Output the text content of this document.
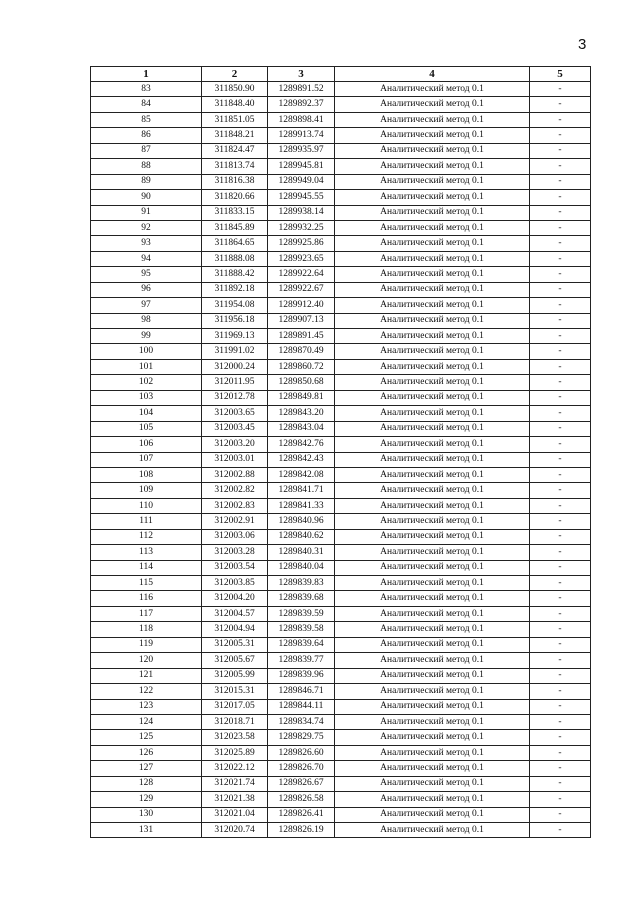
3
1	2	3	4	5
83	311850.90	1289891.52	Аналитический метод 0.1	-
84	311848.40	1289892.37	Аналитический метод 0.1	-
85	311851.05	1289898.41	Аналитический метод 0.1	-
86	311848.21	1289913.74	Аналитический метод 0.1	-
87	311824.47	1289935.97	Аналитический метод 0.1	-
88	311813.74	1289945.81	Аналитический метод 0.1	-
89	311816.38	1289949.04	Аналитический метод 0.1	-
90	311820.66	1289945.55	Аналитический метод 0.1	-
91	311833.15	1289938.14	Аналитический метод 0.1	-
92	311845.89	1289932.25	Аналитический метод 0.1	-
93	311864.65	1289925.86	Аналитический метод 0.1	-
94	311888.08	1289923.65	Аналитический метод 0.1	-
95	311888.42	1289922.64	Аналитический метод 0.1	-
96	311892.18	1289922.67	Аналитический метод 0.1	-
97	311954.08	1289912.40	Аналитический метод 0.1	-
98	311956.18	1289907.13	Аналитический метод 0.1	-
99	311969.13	1289891.45	Аналитический метод 0.1	-
100	311991.02	1289870.49	Аналитический метод 0.1	-
101	312000.24	1289860.72	Аналитический метод 0.1	-
102	312011.95	1289850.68	Аналитический метод 0.1	-
103	312012.78	1289849.81	Аналитический метод 0.1	-
104	312003.65	1289843.20	Аналитический метод 0.1	-
105	312003.45	1289843.04	Аналитический метод 0.1	-
106	312003.20	1289842.76	Аналитический метод 0.1	-
107	312003.01	1289842.43	Аналитический метод 0.1	-
108	312002.88	1289842.08	Аналитический метод 0.1	-
109	312002.82	1289841.71	Аналитический метод 0.1	-
110	312002.83	1289841.33	Аналитический метод 0.1	-
111	312002.91	1289840.96	Аналитический метод 0.1	-
112	312003.06	1289840.62	Аналитический метод 0.1	-
113	312003.28	1289840.31	Аналитический метод 0.1	-
114	312003.54	1289840.04	Аналитический метод 0.1	-
115	312003.85	1289839.83	Аналитический метод 0.1	-
116	312004.20	1289839.68	Аналитический метод 0.1	-
117	312004.57	1289839.59	Аналитический метод 0.1	-
118	312004.94	1289839.58	Аналитический метод 0.1	-
119	312005.31	1289839.64	Аналитический метод 0.1	-
120	312005.67	1289839.77	Аналитический метод 0.1	-
121	312005.99	1289839.96	Аналитический метод 0.1	-
122	312015.31	1289846.71	Аналитический метод 0.1	-
123	312017.05	1289844.11	Аналитический метод 0.1	-
124	312018.71	1289834.74	Аналитический метод 0.1	-
125	312023.58	1289829.75	Аналитический метод 0.1	-
126	312025.89	1289826.60	Аналитический метод 0.1	-
127	312022.12	1289826.70	Аналитический метод 0.1	-
128	312021.74	1289826.67	Аналитический метод 0.1	-
129	312021.38	1289826.58	Аналитический метод 0.1	-
130	312021.04	1289826.41	Аналитический метод 0.1	-
131	312020.74	1289826.19	Аналитический метод 0.1	-
